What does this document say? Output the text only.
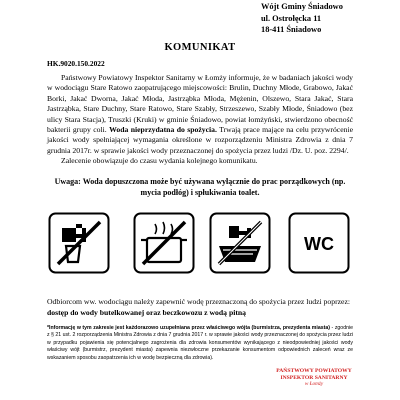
Wójt Gminy Śniadowo
ul. Ostrołęcka 11
18-411 Śniadowo
KOMUNIKAT
HK.9020.150.2022
Państwowy Powiatowy Inspektor Sanitarny w Łomży informuje, że w badaniach jakości wody w wodociągu Stare Ratowo zaopatrującego miejscowości: Brulin, Duchny Młode, Grabowo, Jakać Borki, Jakać Dworna, Jakać Młoda, Jastrząbka Młoda, Mężenin, Olszewo, Stara Jakać, Stara Jastrząbka, Stare Duchny, Stare Ratowo, Stare Szabły, Strzeszewo, Szabły Młode, Śniadowo (bez ulicy Stara Stacja), Truszki (Kruki) w gminie Śniadowo, powiat łomżyński, stwierdzono obecność bakterii grupy coli. Woda nieprzydatna do spożycia. Trwają prace mające na celu przywrócenie jakości wody spełniającej wymagania określone w rozporządzeniu Ministra Zdrowia z dnia 7 grudnia 2017r. w sprawie jakości wody przeznaczonej do spożycia przez ludzi /Dz. U. poz. 2294/.
Zalecenie obowiązuje do czasu wydania kolejnego komunikatu.
Uwaga: Woda dopuszczona może być używana wyłącznie do prac porządkowych (np. mycia podłóg) i spłukiwania toalet.
WC
Odbiorcom ww. wodociągu należy zapewnić wodę przeznaczoną do spożycia przez ludzi poprzez:
dostęp do wody butelkowanej oraz beczkowozu z wodą pitną
*Informację w tym zakresie jest każdorazowo uzupełniana przez właściwego wójta (burmistrza, prezydenta miasta) - zgodnie z § 21 ust. 2 rozporządzenia Ministra Zdrowia z dnia 7 grudnia 2017 r. w sprawie jakości wody przeznaczonej do spożycia przez ludzi w przypadku pojawienia się potencjalnego zagrożenia dla zdrowia konsumentów wynikającego z nieodpowiedniej jakości wody właściwy wójt (burmistrz, prezydent miasta) zapewnia niezwłoczne przekazanie konsumentom odpowiednich zaleceń wraz ze wskazaniem sposobu zaopatrzenia ich w wodę bezpieczną dla zdrowia).
PAŃSTWOWY POWIATOWY
INSPEKTOR SANITARNY
w Łomży
